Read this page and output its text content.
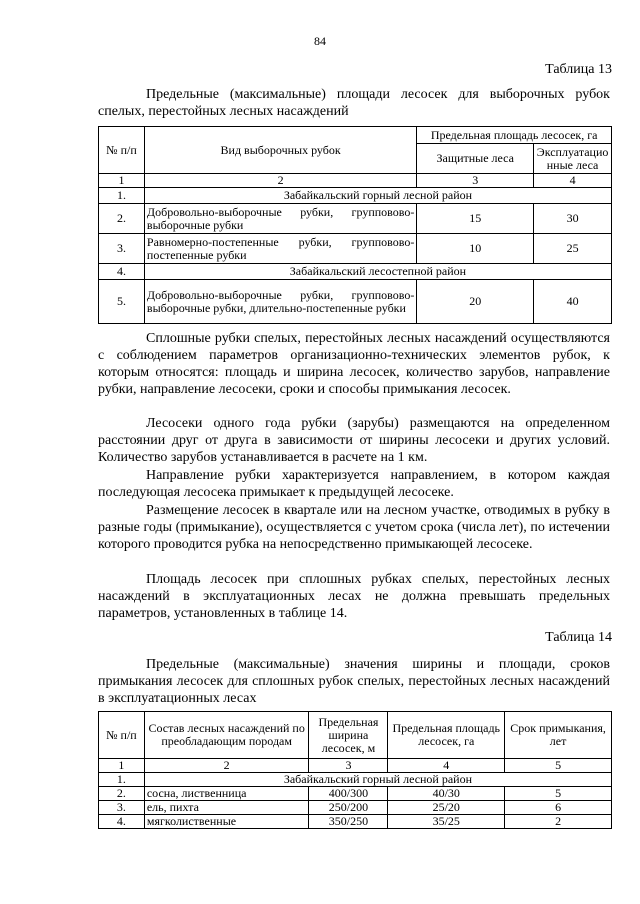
84
Таблица 13

Предельные (максимальные) площади лесосек для выборочных рубок спелых, перестойных лесных насаждений

№ п/п	Вид выборочных рубок	Предельная площадь лесосек, га	
		Защитные леса	Эксплуатационные леса
1	2	3	4
1.	Забайкальский горный лесной район		
2.	Добровольно-выборочные рубки, групповово-выборочные рубки	15	30
3.	Равномерно-постепенные рубки, групповово-постепенные рубки	10	25
4.	Забайкальский лесостепной район		
5.	Добровольно-выборочные рубки, групповово-выборочные рубки, длительно-постепенные рубки	20	40

Сплошные рубки спелых, перестойных лесных насаждений осуществляются с соблюдением параметров организационно-технических элементов рубок, к которым относятся: площадь и ширина лесосек, количество зарубов, направление рубки, направление лесосеки, сроки и способы примыкания лесосек.

Лесосеки одного года рубки (зарубы) размещаются на определенном расстоянии друг от друга в зависимости от ширины лесосеки и других условий. Количество зарубов устанавливается в расчете на 1 км.

Направление рубки характеризуется направлением, в котором каждая последующая лесосека примыкает к предыдущей лесосеке.

Размещение лесосек в квартале или на лесном участке, отводимых в рубку в разные годы (примыкание), осуществляется с учетом срока (числа лет), по истечении которого проводится рубка на непосредственно примыкающей лесосеке.

Площадь лесосек при сплошных рубках спелых, перестойных лесных насаждений в эксплуатационных лесах не должна превышать предельных параметров, установленных в таблице 14.

Таблица 14

Предельные (максимальные) значения ширины и площади, сроков примыкания лесосек для сплошных рубок спелых, перестойных лесных насаждений в эксплуатационных лесах

№ п/п	Состав лесных насаждений по преобладающим породам	Предельная ширина лесосек, м	Предельная площадь лесосек, га	Срок примыкания, лет
1	2	3	4	5
1.	Забайкальский горный лесной район			
2.	сосна, лиственница	400/300	40/30	5
3.	ель, пихта	250/200	25/20	6
4.	мягколиственные	350/250	35/25	2
